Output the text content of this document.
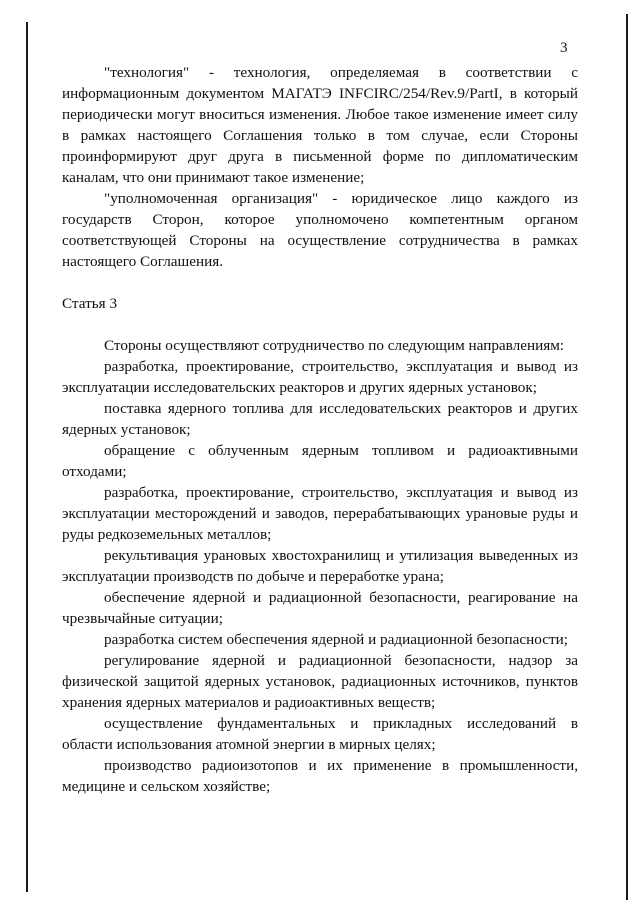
3

"технология" - технология, определяемая в соответствии с информационным документом МАГАТЭ INFCIRC/254/Rev.9/PartI, в который периодически могут вноситься изменения. Любое такое изменение имеет силу в рамках настоящего Соглашения только в том случае, если Стороны проинформируют друг друга в письменной форме по дипломатическим каналам, что они принимают такое изменение;

"уполномоченная организация" - юридическое лицо каждого из государств Сторон, которое уполномочено компетентным органом соответствующей Стороны на осуществление сотрудничества в рамках настоящего Соглашения.

Статья 3

Стороны осуществляют сотрудничество по следующим направлениям:

разработка, проектирование, строительство, эксплуатация и вывод из эксплуатации исследовательских реакторов и других ядерных установок;

поставка ядерного топлива для исследовательских реакторов и других ядерных установок;

обращение с облученным ядерным топливом и радиоактивными отходами;

разработка, проектирование, строительство, эксплуатация и вывод из эксплуатации месторождений и заводов, перерабатывающих урановые руды и руды редкоземельных металлов;

рекультивация урановых хвостохранилищ и утилизация выведенных из эксплуатации производств по добыче и переработке урана;

обеспечение ядерной и радиационной безопасности, реагирование на чрезвычайные ситуации;

разработка систем обеспечения ядерной и радиационной безопасности;

регулирование ядерной и радиационной безопасности, надзор за физической защитой ядерных установок, радиационных источников, пунктов хранения ядерных материалов и радиоактивных веществ;

осуществление фундаментальных и прикладных исследований в области использования атомной энергии в мирных целях;

производство радиоизотопов и их применение в промышленности, медицине и сельском хозяйстве;
